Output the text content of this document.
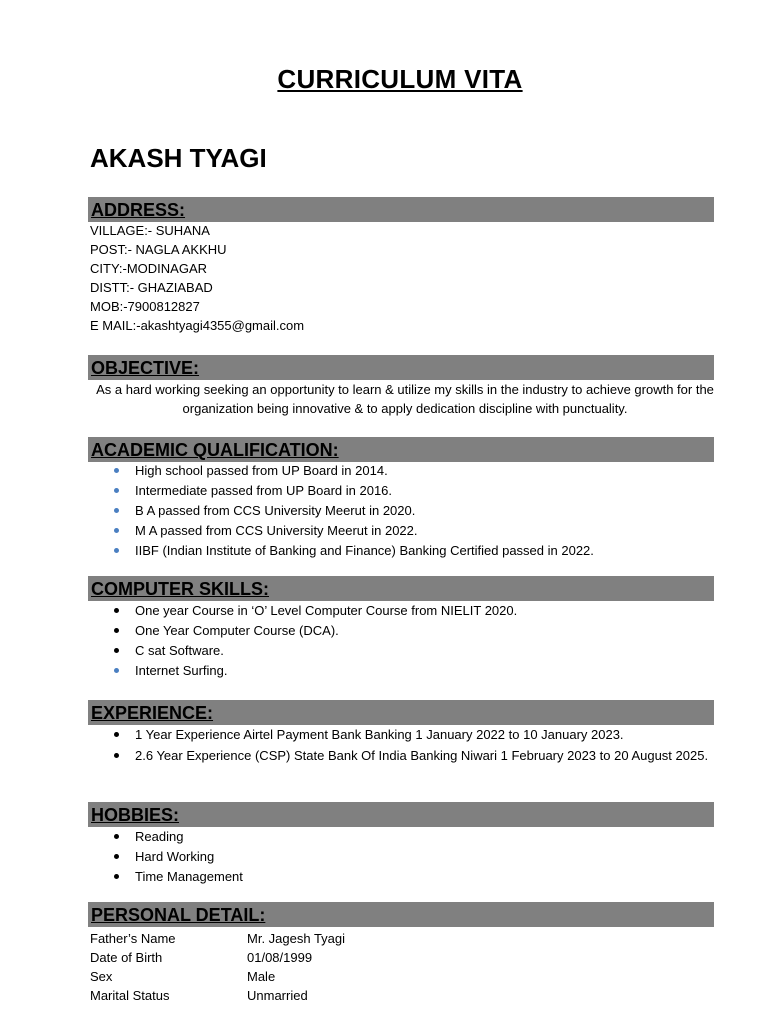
CURRICULUM VITA
AKASH TYAGI
ADDRESS:
VILLAGE:- SUHANA
POST:- NAGLA AKKHU
CITY:-MODINAGAR
DISTT:- GHAZIABAD
MOB:-7900812827
E MAIL:-akashtyagi4355@gmail.com
OBJECTIVE:
As a hard working seeking an opportunity to learn & utilize my skills in the industry to achieve growth for the organization being innovative & to apply dedication discipline with punctuality.
ACADEMIC QUALIFICATION:
High school passed from UP Board in 2014.
Intermediate passed from UP Board in 2016.
B A passed from CCS University Meerut in 2020.
M A passed from CCS University Meerut in 2022.
IIBF (Indian Institute of Banking and Finance) Banking Certified passed in 2022.
COMPUTER SKILLS:
One year Course in ‘O’ Level Computer Course from NIELIT 2020.
One Year Computer Course (DCA).
C sat Software.
Internet Surfing.
EXPERIENCE:
1 Year Experience Airtel Payment Bank Banking 1 January 2022 to 10 January 2023.
2.6 Year Experience (CSP) State Bank Of India Banking Niwari 1 February 2023 to 20 August 2025.
HOBBIES:
Reading
Hard Working
Time Management
PERSONAL DETAIL:
Father’s Name	Mr. Jagesh Tyagi
Date of Birth	01/08/1999
Sex	Male
Marital Status	Unmarried
